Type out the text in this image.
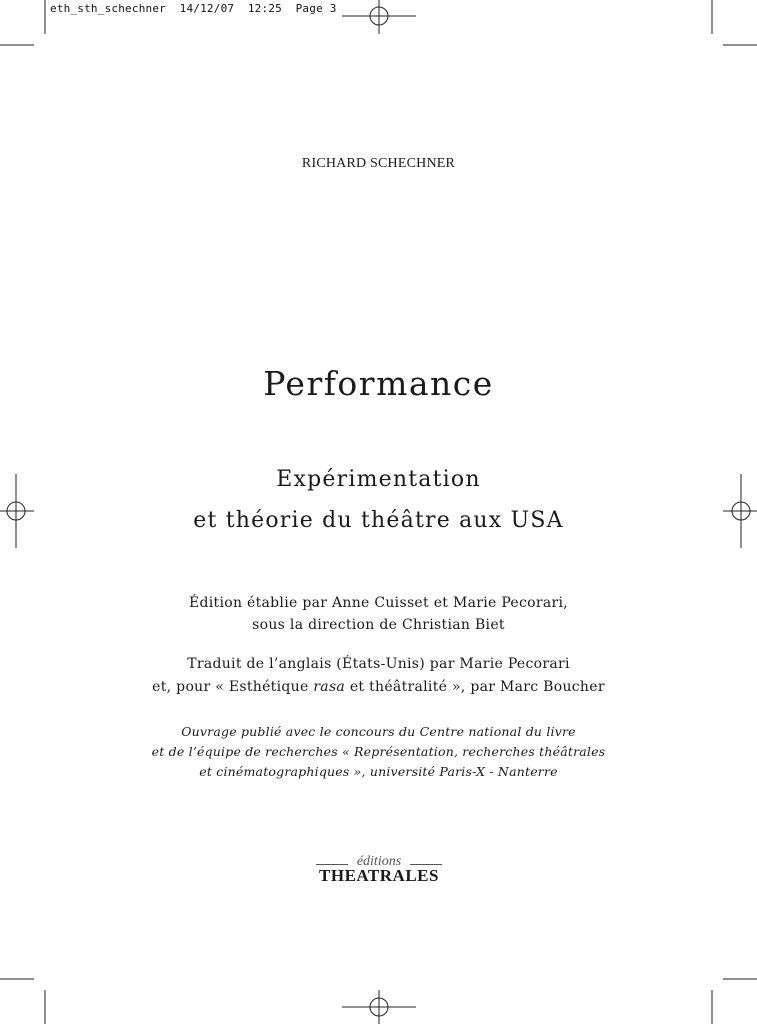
eth_sth_schechner  14/12/07  12:25  Page 3
RICHARD SCHECHNER
Performance
Expérimentation
et théorie du théâtre aux USA
Édition établie par Anne Cuisset et Marie Pecorari,
sous la direction de Christian Biet
Traduit de l’anglais (États-Unis) par Marie Pecorari
et, pour « Esthétique rasa et théâtralité », par Marc Boucher
Ouvrage publié avec le concours du Centre national du livre
et de l’équipe de recherches « Représentation, recherches théâtrales
et cinématographiques », université Paris-X - Nanterre
éditions
THEATRALES
